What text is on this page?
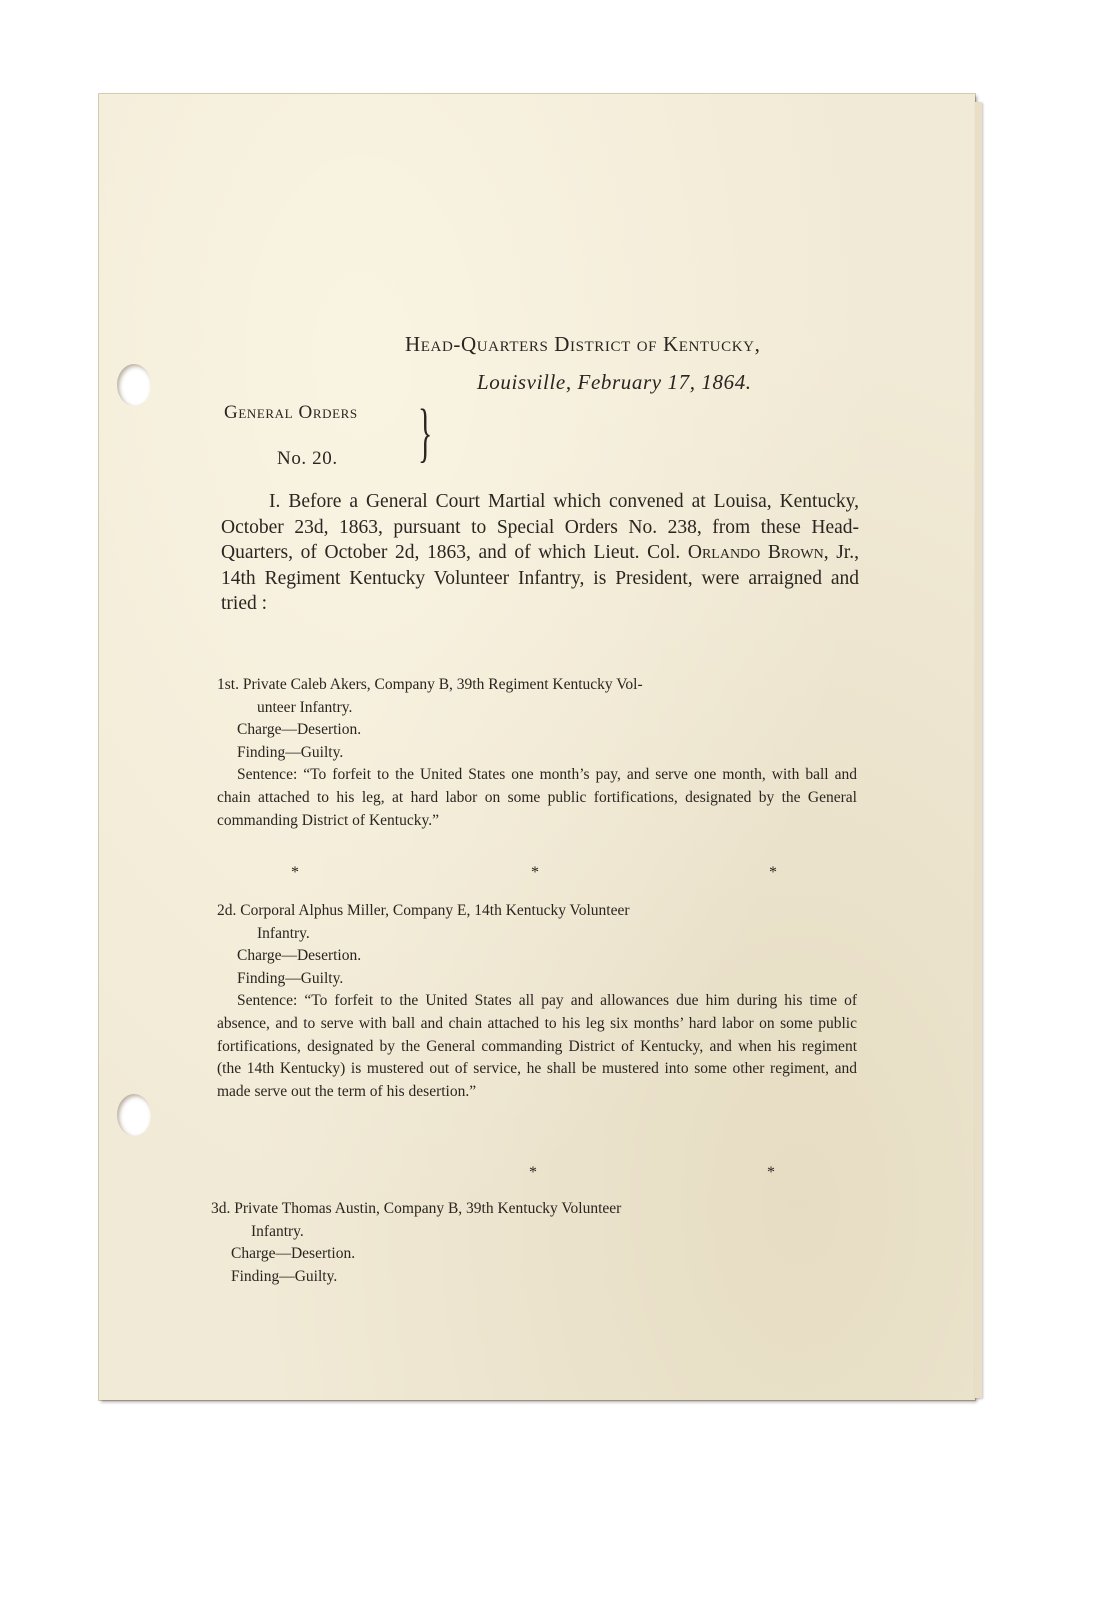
Head-Quarters District of Kentucky,
Louisville, February 17, 1864.
General Orders
No. 20. }
I. Before a General Court Martial which convened at Louisa, Kentucky, October 23d, 1863, pursuant to Special Orders No. 238, from these Head-Quarters, of October 2d, 1863, and of which Lieut. Col. Orlando Brown, Jr., 14th Regiment Kentucky Volunteer Infantry, is President, were arraigned and tried :
1st. Private Caleb Akers, Company B, 39th Regiment Kentucky Vol-
unteer Infantry.
Charge—Desertion.
Finding—Guilty.
Sentence: “To forfeit to the United States one month’s pay, and serve one month, with ball and chain attached to his leg, at hard labor on some public fortifications, designated by the General commanding District of Kentucky.”
*	*	*
2d. Corporal Alphus Miller, Company E, 14th Kentucky Volunteer
Infantry.
Charge—Desertion.
Finding—Guilty.
Sentence: “To forfeit to the United States all pay and allowances due him during his time of absence, and to serve with ball and chain attached to his leg six months’ hard labor on some public fortifications, designated by the General commanding District of Kentucky, and when his regiment (the 14th Kentucky) is mustered out of service, he shall be mustered into some other regiment, and made serve out the term of his desertion.”
*	*
3d. Private Thomas Austin, Company B, 39th Kentucky Volunteer
Infantry.
Charge—Desertion.
Finding—Guilty.
